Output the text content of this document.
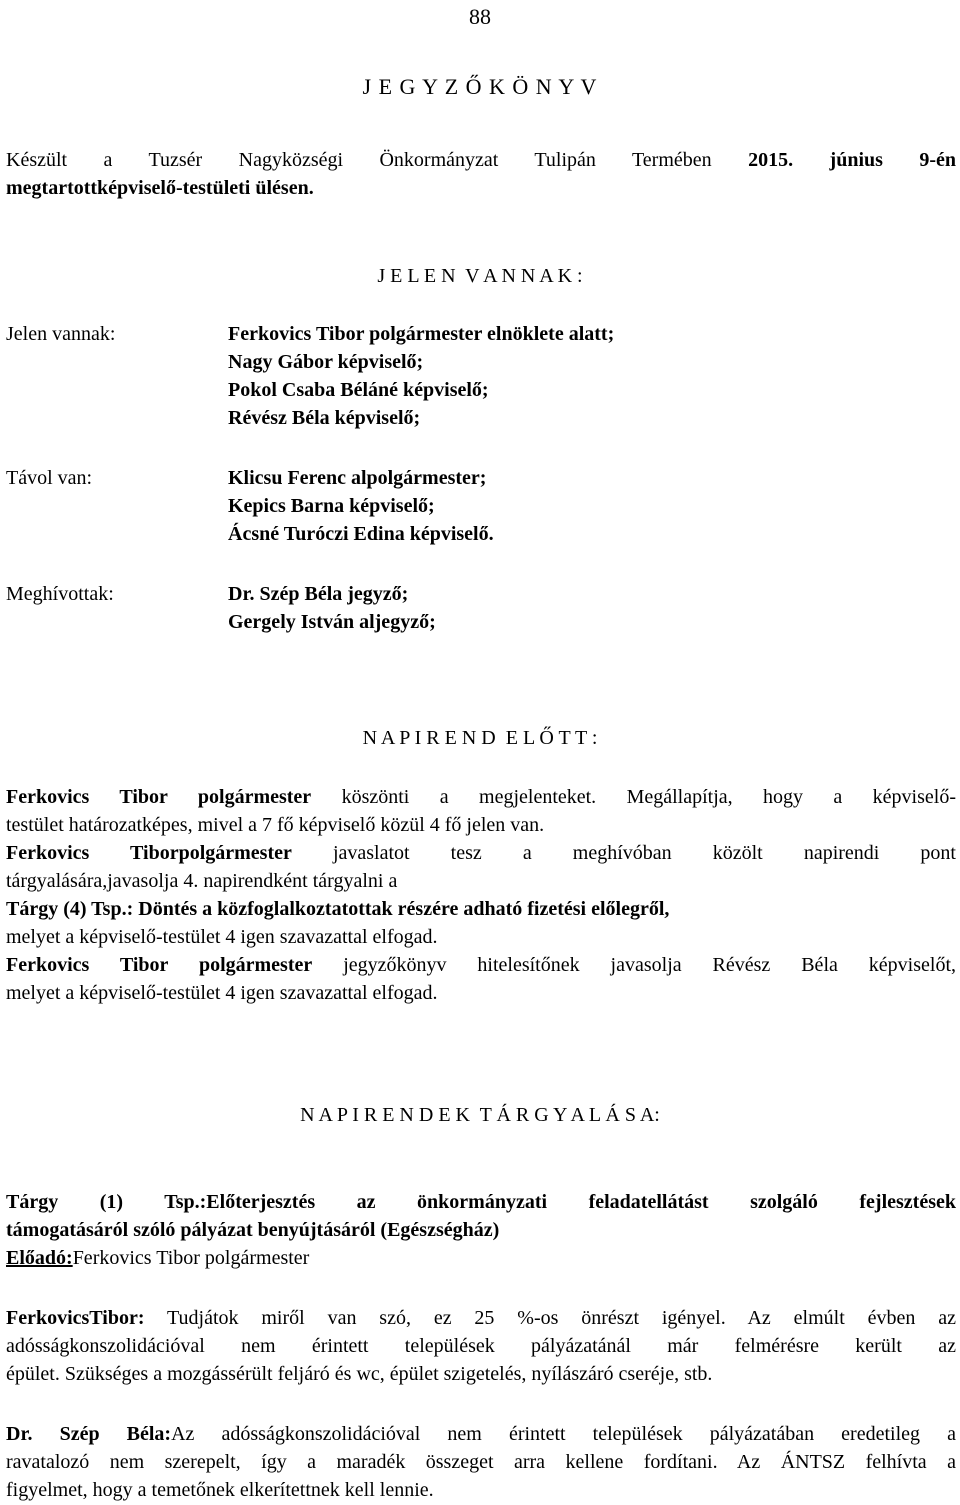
88
J E G Y Z Ő K Ö N Y V
Készült a Tuzsér Nagyközségi Önkormányzat Tulipán Termében 2015. június 9-én
megtartottképviselő-testületi ülésen.
J E L E N  V A N N A K :
Jelen vannak:
Távol van:
Meghívottak:
Ferkovics Tibor polgármester elnöklete alatt;
Nagy Gábor képviselő;
Pokol Csaba Béláné képviselő;
Révész Béla képviselő;
Klicsu Ferenc alpolgármester;
Kepics Barna képviselő;
Ácsné Turóczi Edina képviselő.
Dr. Szép Béla jegyző;
Gergely István aljegyző;
N A P I R E N D  E L Ő T T :
Ferkovics Tibor polgármester köszönti a megjelenteket. Megállapítja, hogy a képviselő-
testület határozatképes, mivel a 7 fő képviselő közül 4 fő jelen van.
Ferkovics Tiborpolgármester javaslatot tesz a meghívóban közölt napirendi pont
tárgyalására,javasolja 4. napirendként tárgyalni a
Tárgy (4) Tsp.: Döntés a közfoglalkoztatottak részére adható fizetési előlegről,
melyet a képviselő-testület 4 igen szavazattal elfogad.
Ferkovics Tibor polgármester jegyzőkönyv hitelesítőnek javasolja Révész Béla képviselőt,
melyet a képviselő-testület 4 igen szavazattal elfogad.
N A P I R E N D E K  T Á R G Y A L Á S A:
Tárgy (1) Tsp.:Előterjesztés az önkormányzati feladatellátást szolgáló fejlesztések
támogatásáról szóló pályázat benyújtásáról (Egészségház)
Előadó:Ferkovics Tibor polgármester
FerkovicsTibor: Tudjátok miről van szó, ez 25 %-os önrészt igényel. Az elmúlt évben az
adósságkonszolidációval nem érintett települések pályázatánál már felmérésre került az
épület. Szükséges a mozgássérült feljáró és wc, épület szigetelés, nyílászáró cseréje, stb.
Dr. Szép Béla:Az adósságkonszolidációval nem érintett települések pályázatában eredetileg a
ravatalozó nem szerepelt, így a maradék összeget arra kellene fordítani. Az ÁNTSZ felhívta a
figyelmet, hogy a temetőnek elkerítettnek kell lennie.
